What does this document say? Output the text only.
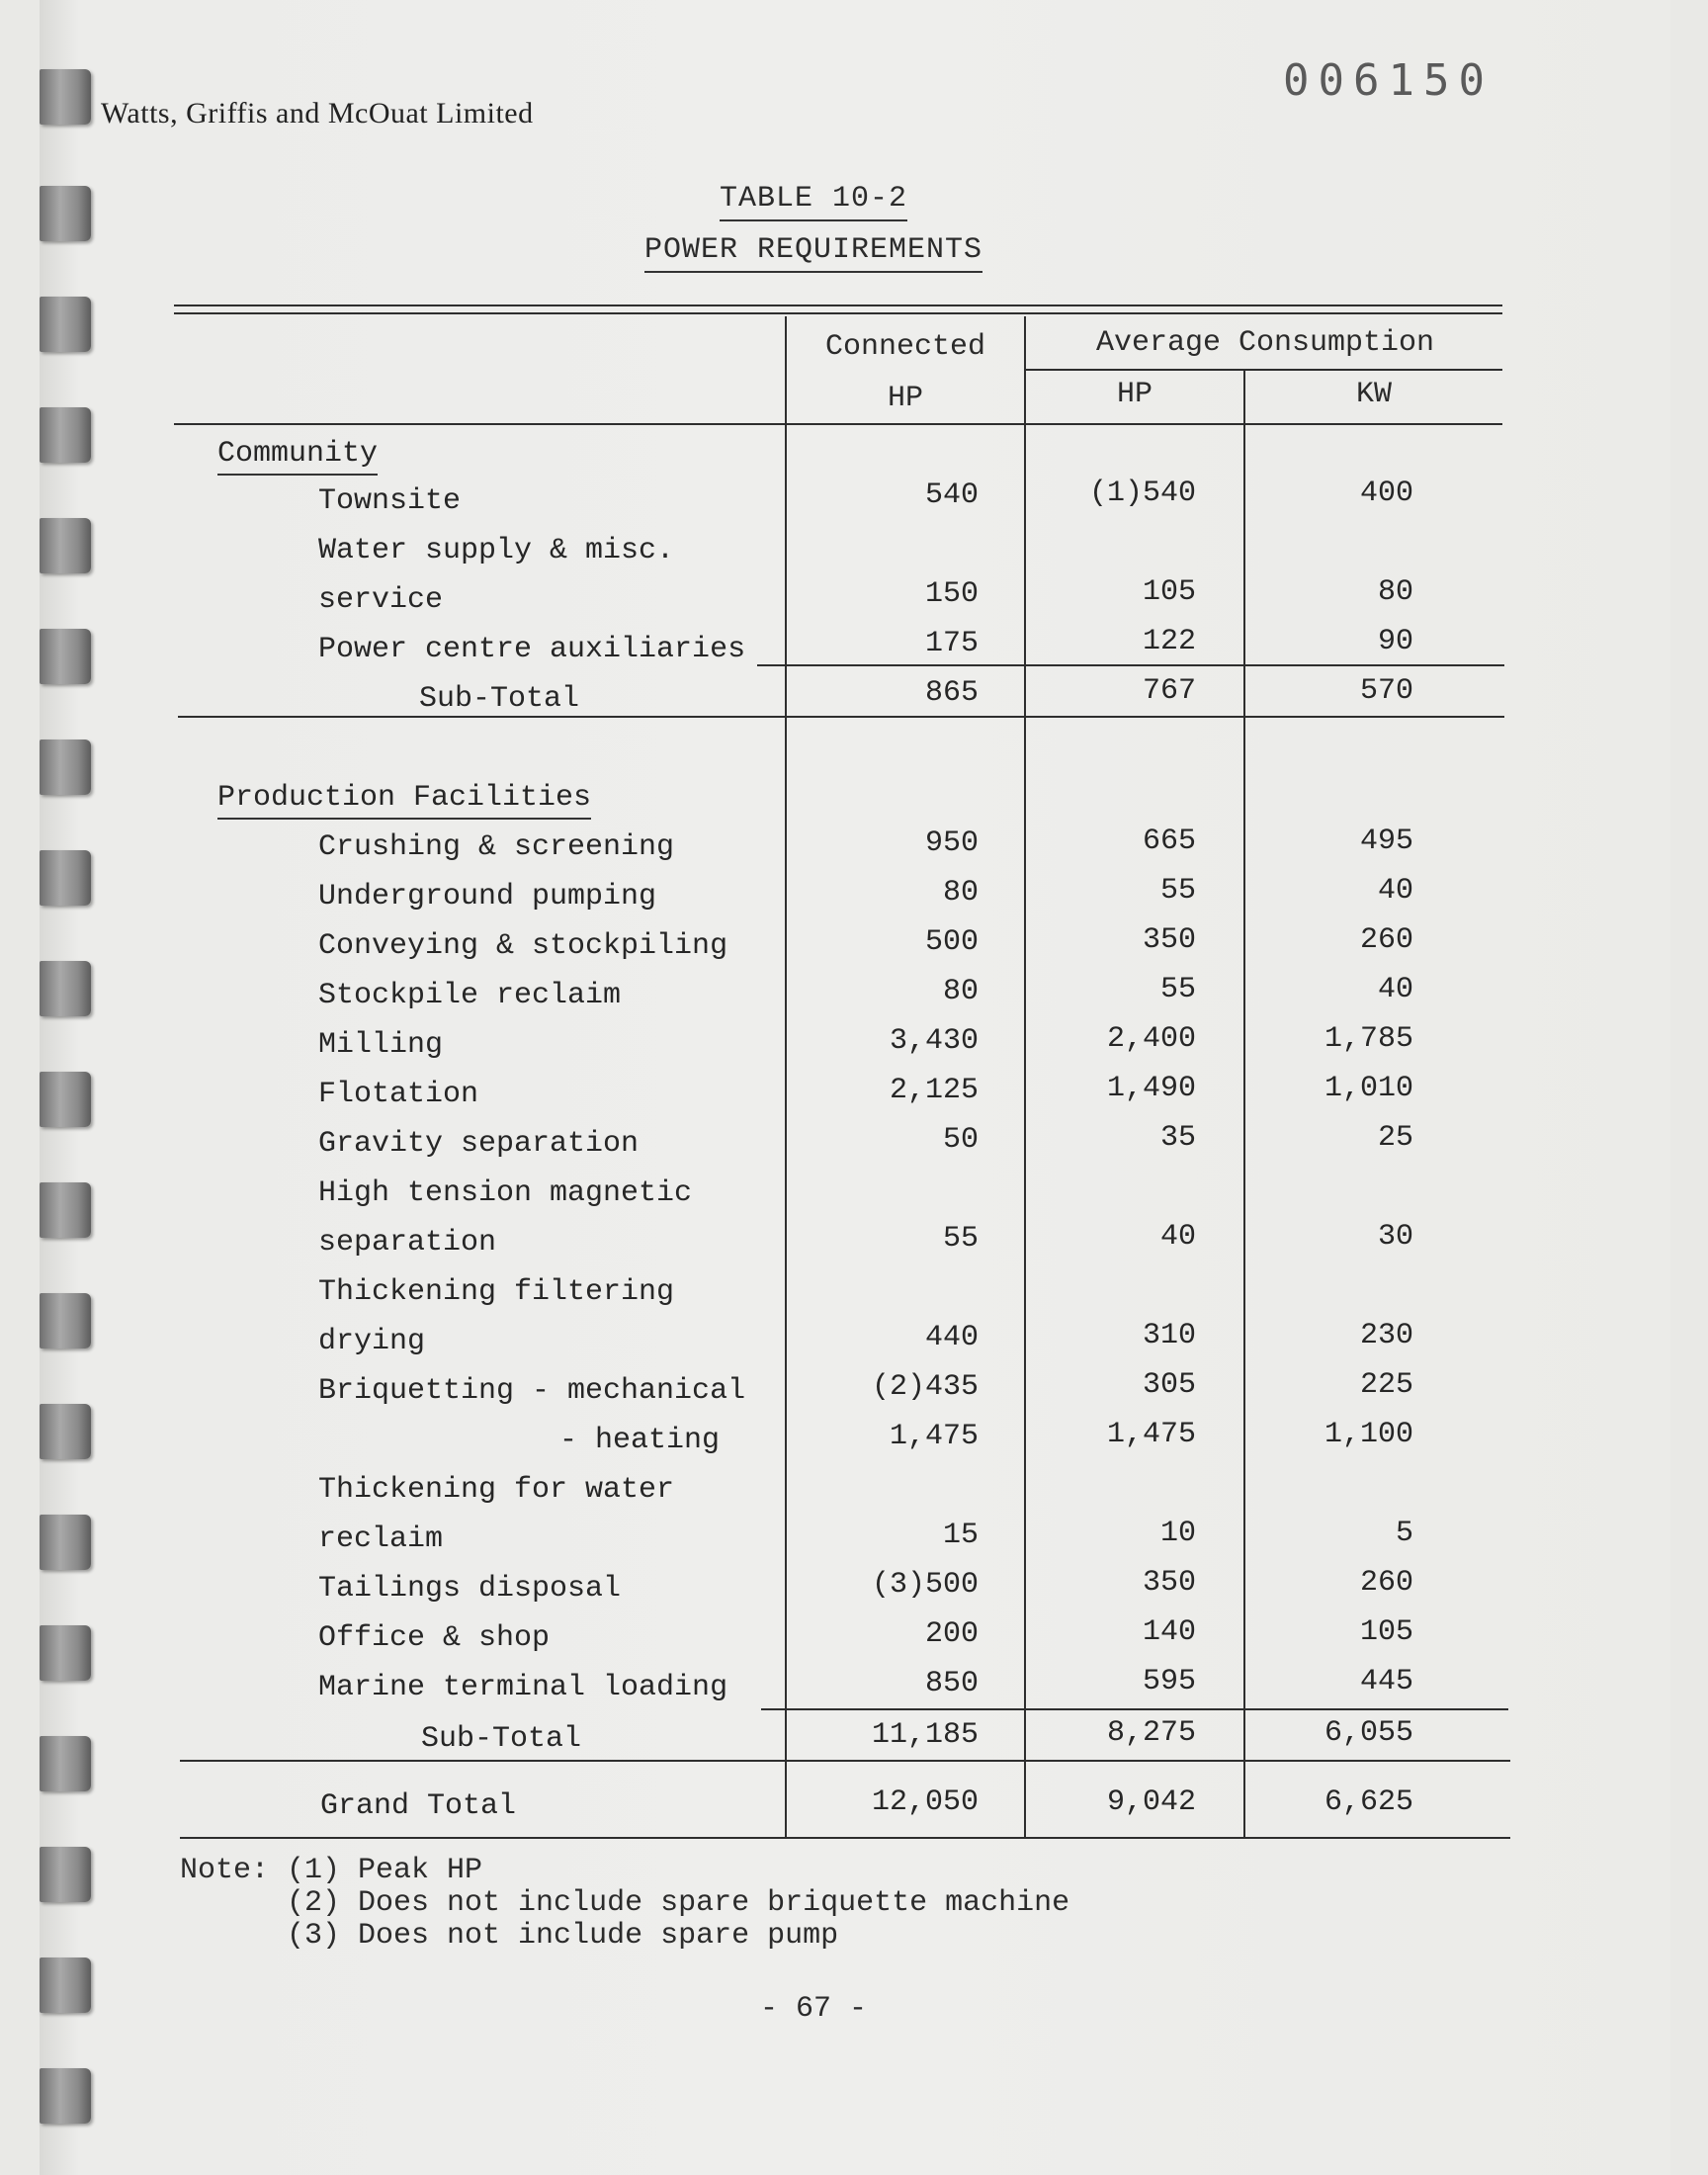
Watts, Griffis and McOuat Limited
006150
TABLE 10-2
POWER REQUIREMENTS
Connected
HP
Average Consumption
HP	KW
Community
Townsite	540	(1)540	400
Water supply & misc.
service	150	105	80
Power centre auxiliaries	175	122	90
Sub-Total	865	767	570
Production Facilities
Crushing & screening	950	665	495
Underground pumping	80	55	40
Conveying & stockpiling	500	350	260
Stockpile reclaim	80	55	40
Milling	3,430	2,400	1,785
Flotation	2,125	1,490	1,010
Gravity separation	50	35	25
High tension magnetic
separation	55	40	30
Thickening filtering
drying	440	310	230
Briquetting - mechanical	(2)435	305	225
- heating	1,475	1,475	1,100
Thickening for water
reclaim	15	10	5
Tailings disposal	(3)500	350	260
Office & shop	200	140	105
Marine terminal loading	850	595	445
Sub-Total	11,185	8,275	6,055
Grand Total	12,050	9,042	6,625
Note: (1) Peak HP
(2) Does not include spare briquette machine
(3) Does not include spare pump
- 67 -
